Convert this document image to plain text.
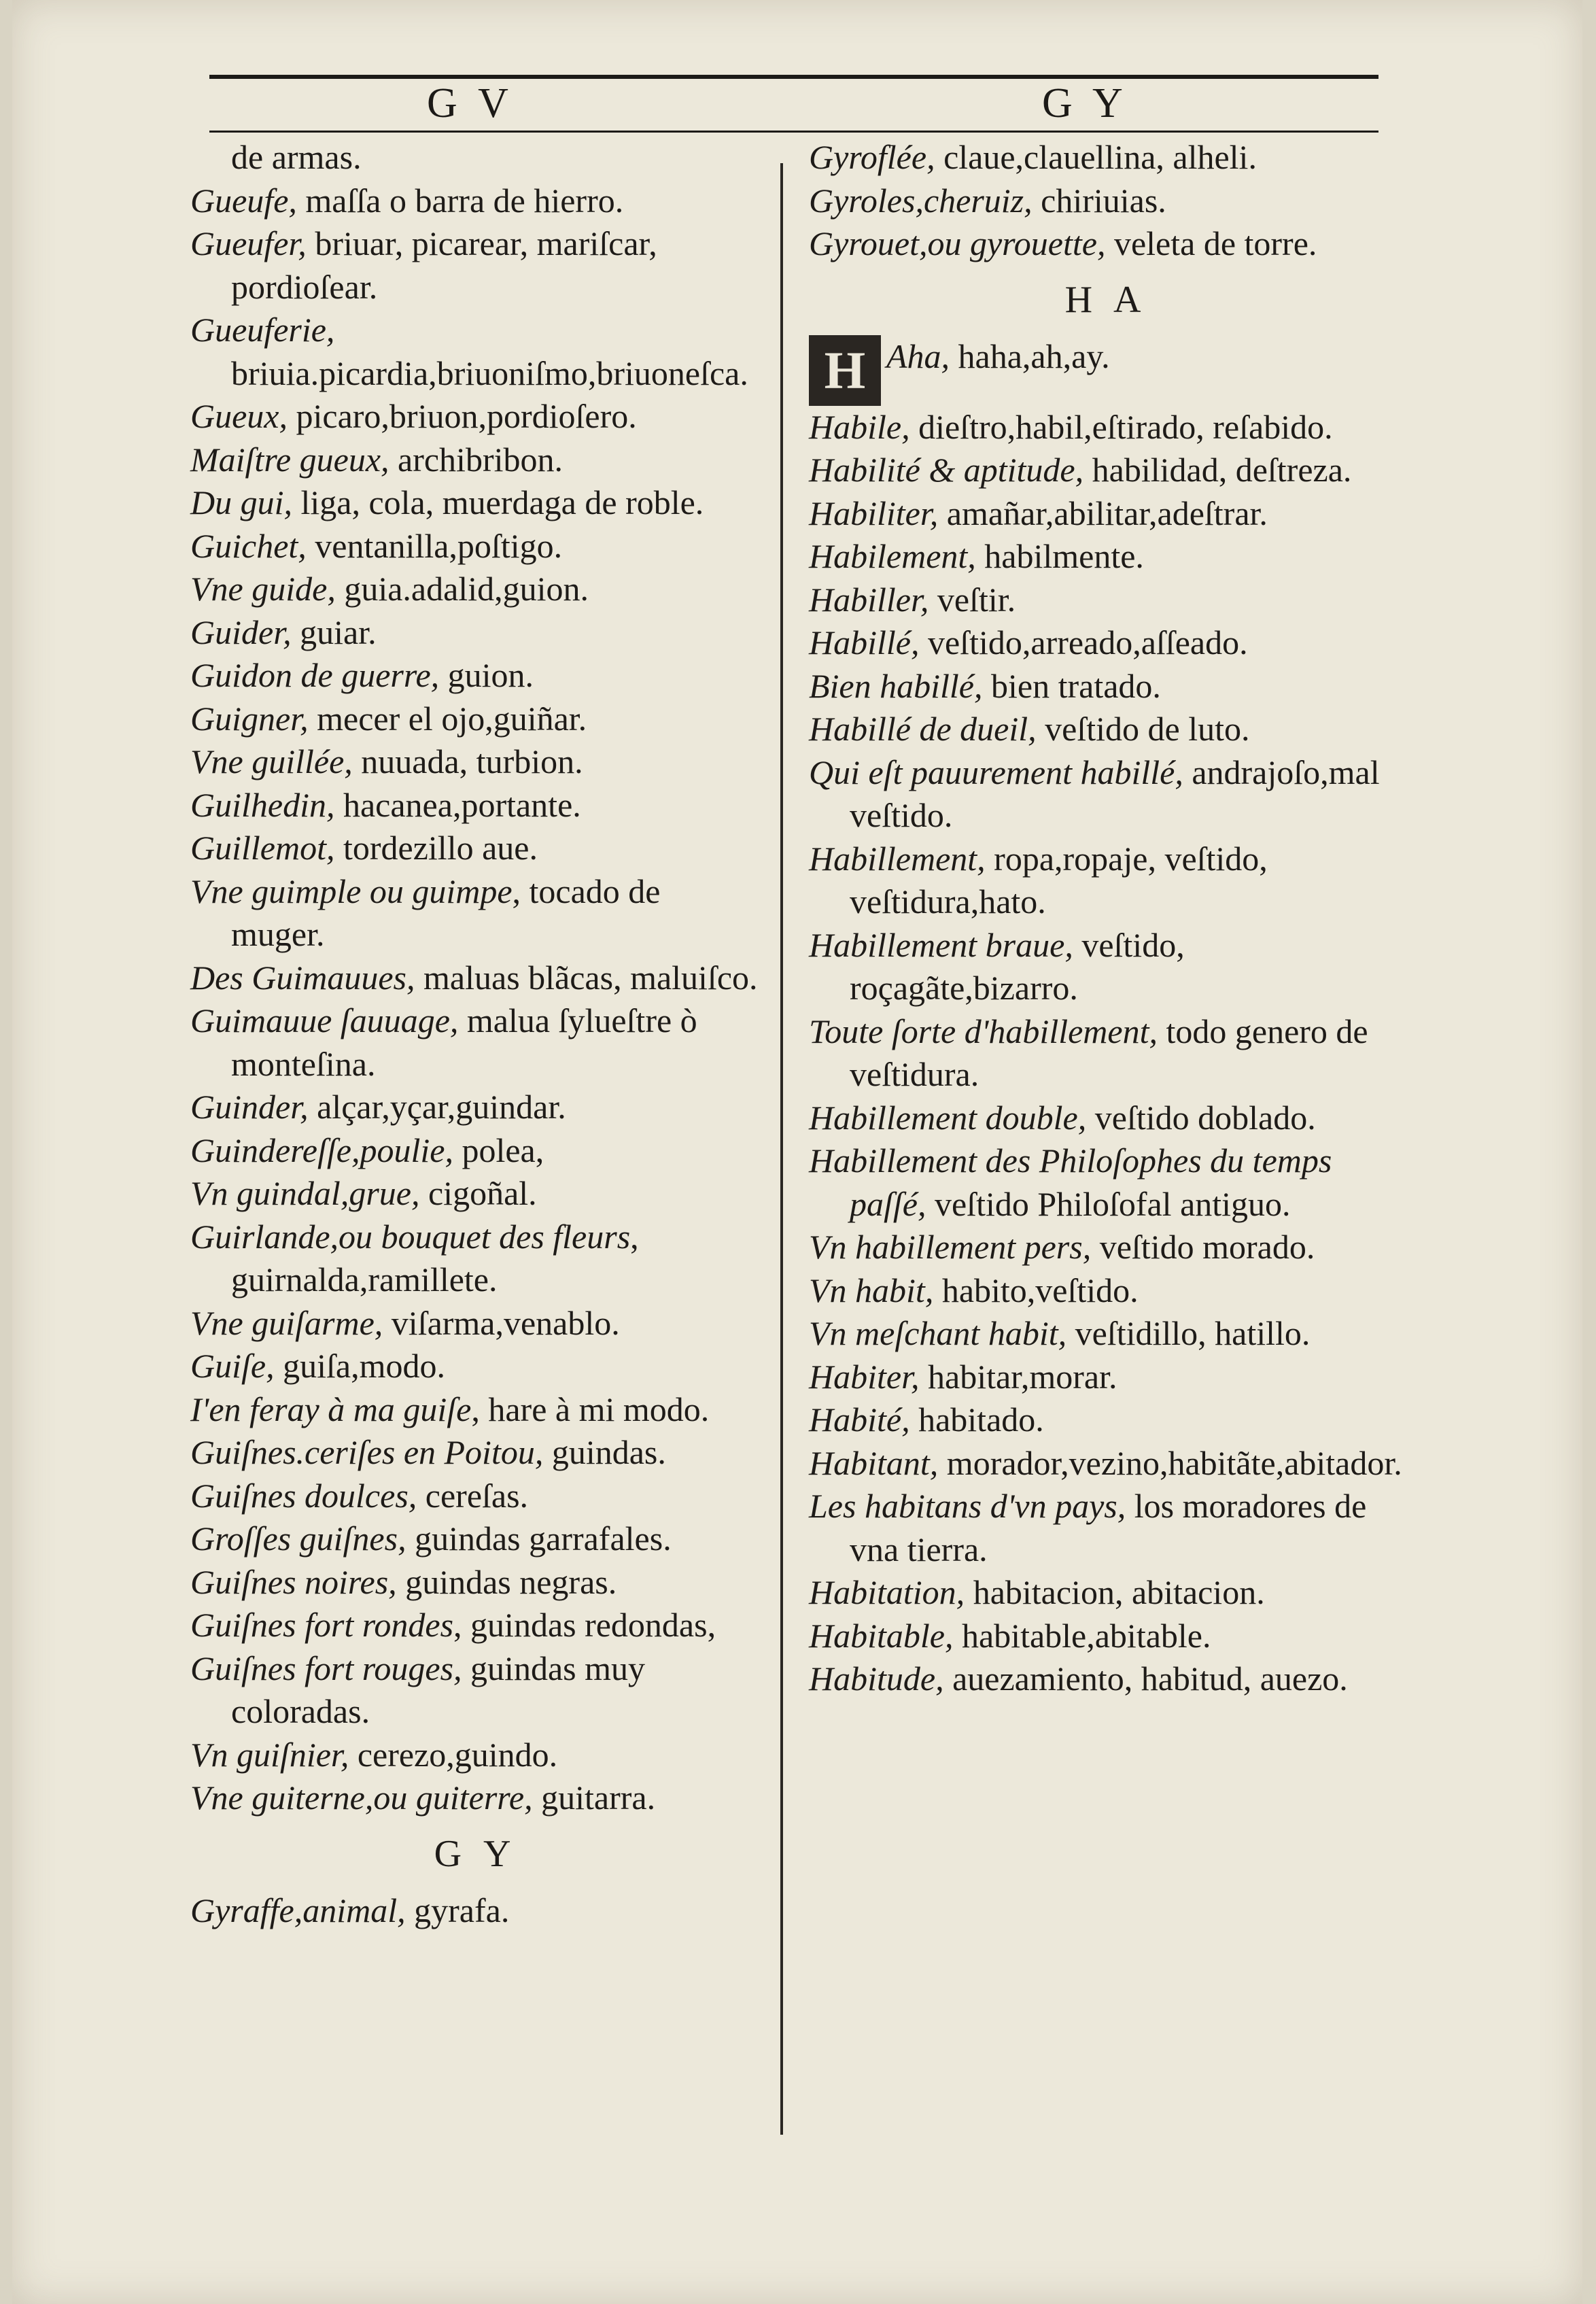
G V	G Y
de armas.
Gueufe, maſſa o barra de hierro.
Gueufer, briuar, picarear, mariſcar, pordioſear.
Gueuferie, briuia.picardia,briuoniſmo,briuoneſca.
Gueux, picaro,briuon,pordioſero.
Maiſtre gueux, archibribon.
Du gui, liga, cola, muerdaga de roble.
Guichet, ventanilla,poſtigo.
Vne guide, guia.adalid,guion.
Guider, guiar.
Guidon de guerre, guion.
Guigner, mecer el ojo,guiñar.
Vne guillée, nuuada, turbion.
Guilhedin, hacanea,portante.
Guillemot, tordezillo aue.
Vne guimple ou guimpe, tocado de muger.
Des Guimauues, maluas blãcas, maluiſco.
Guimauue ſauuage, malua ſylueſtre ò monteſina.
Guinder, alçar,yçar,guindar.
Guindereſſe,poulie, polea,
Vn guindal,grue, cigoñal.
Guirlande,ou bouquet des fleurs, guirnalda,ramillete.
Vne guiſarme, viſarma,venablo.
Guiſe, guiſa,modo.
I'en feray à ma guiſe, hare à mi modo.
Guiſnes.ceriſes en Poitou, guindas.
Guiſnes doulces, cereſas.
Groſſes guiſnes, guindas garrafales.
Guiſnes noires, guindas negras.
Guiſnes fort rondes, guindas redondas,
Guiſnes fort rouges, guindas muy coloradas.
Vn guiſnier, cerezo,guindo.
Vne guiterne,ou guiterre, guitarra.
G Y
Gyraffe,animal, gyrafa.
Gyroflée, claue,clauellina, alheli.
Gyroles,cheruiz, chiriuias.
Gyrouet,ou gyrouette, veleta de torre.
H A
H Aha, haha,ah,ay.
Habile, dieſtro,habil,eſtirado, reſabido.
Habilité & aptitude, habilidad, deſtreza.
Habiliter, amañar,abilitar,adeſtrar.
Habilement, habilmente.
Habiller, veſtir.
Habillé, veſtido,arreado,aſſeado.
Bien habillé, bien tratado.
Habillé de dueil, veſtido de luto.
Qui eſt pauurement habillé, andrajoſo,mal veſtido.
Habillement, ropa,ropaje, veſtido, veſtidura,hato.
Habillement braue, veſtido, roçagãte,bizarro.
Toute ſorte d'habillement, todo genero de veſtidura.
Habillement double, veſtido doblado.
Habillement des Philoſophes du temps paſſé, veſtido Philoſofal antiguo.
Vn habillement pers, veſtido morado.
Vn habit, habito,veſtido.
Vn meſchant habit, veſtidillo, hatillo.
Habiter, habitar,morar.
Habité, habitado.
Habitant, morador,vezino,habitãte,abitador.
Les habitans d'vn pays, los moradores de vna tierra.
Habitation, habitacion, abitacion.
Habitable, habitable,abitable.
Habitude, auezamiento, habitud, auezo.
